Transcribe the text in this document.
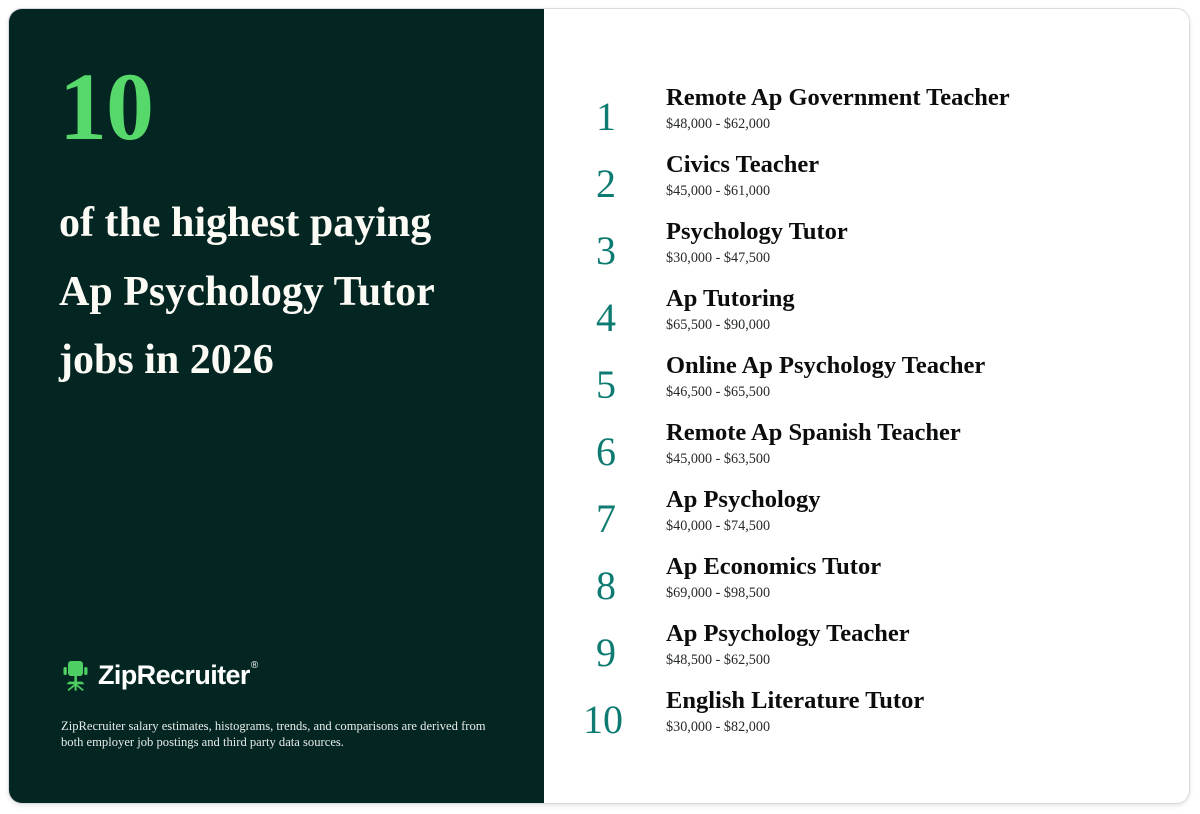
10
of the highest paying Ap Psychology Tutor jobs in 2026
ZipRecruiter®
ZipRecruiter salary estimates, histograms, trends, and comparisons are derived from both employer job postings and third party data sources.
1	Remote Ap Government Teacher
$48,000 - $62,000
2	Civics Teacher
$45,000 - $61,000
3	Psychology Tutor
$30,000 - $47,500
4	Ap Tutoring
$65,500 - $90,000
5	Online Ap Psychology Teacher
$46,500 - $65,500
6	Remote Ap Spanish Teacher
$45,000 - $63,500
7	Ap Psychology
$40,000 - $74,500
8	Ap Economics Tutor
$69,000 - $98,500
9	Ap Psychology Teacher
$48,500 - $62,500
10	English Literature Tutor
$30,000 - $82,000
